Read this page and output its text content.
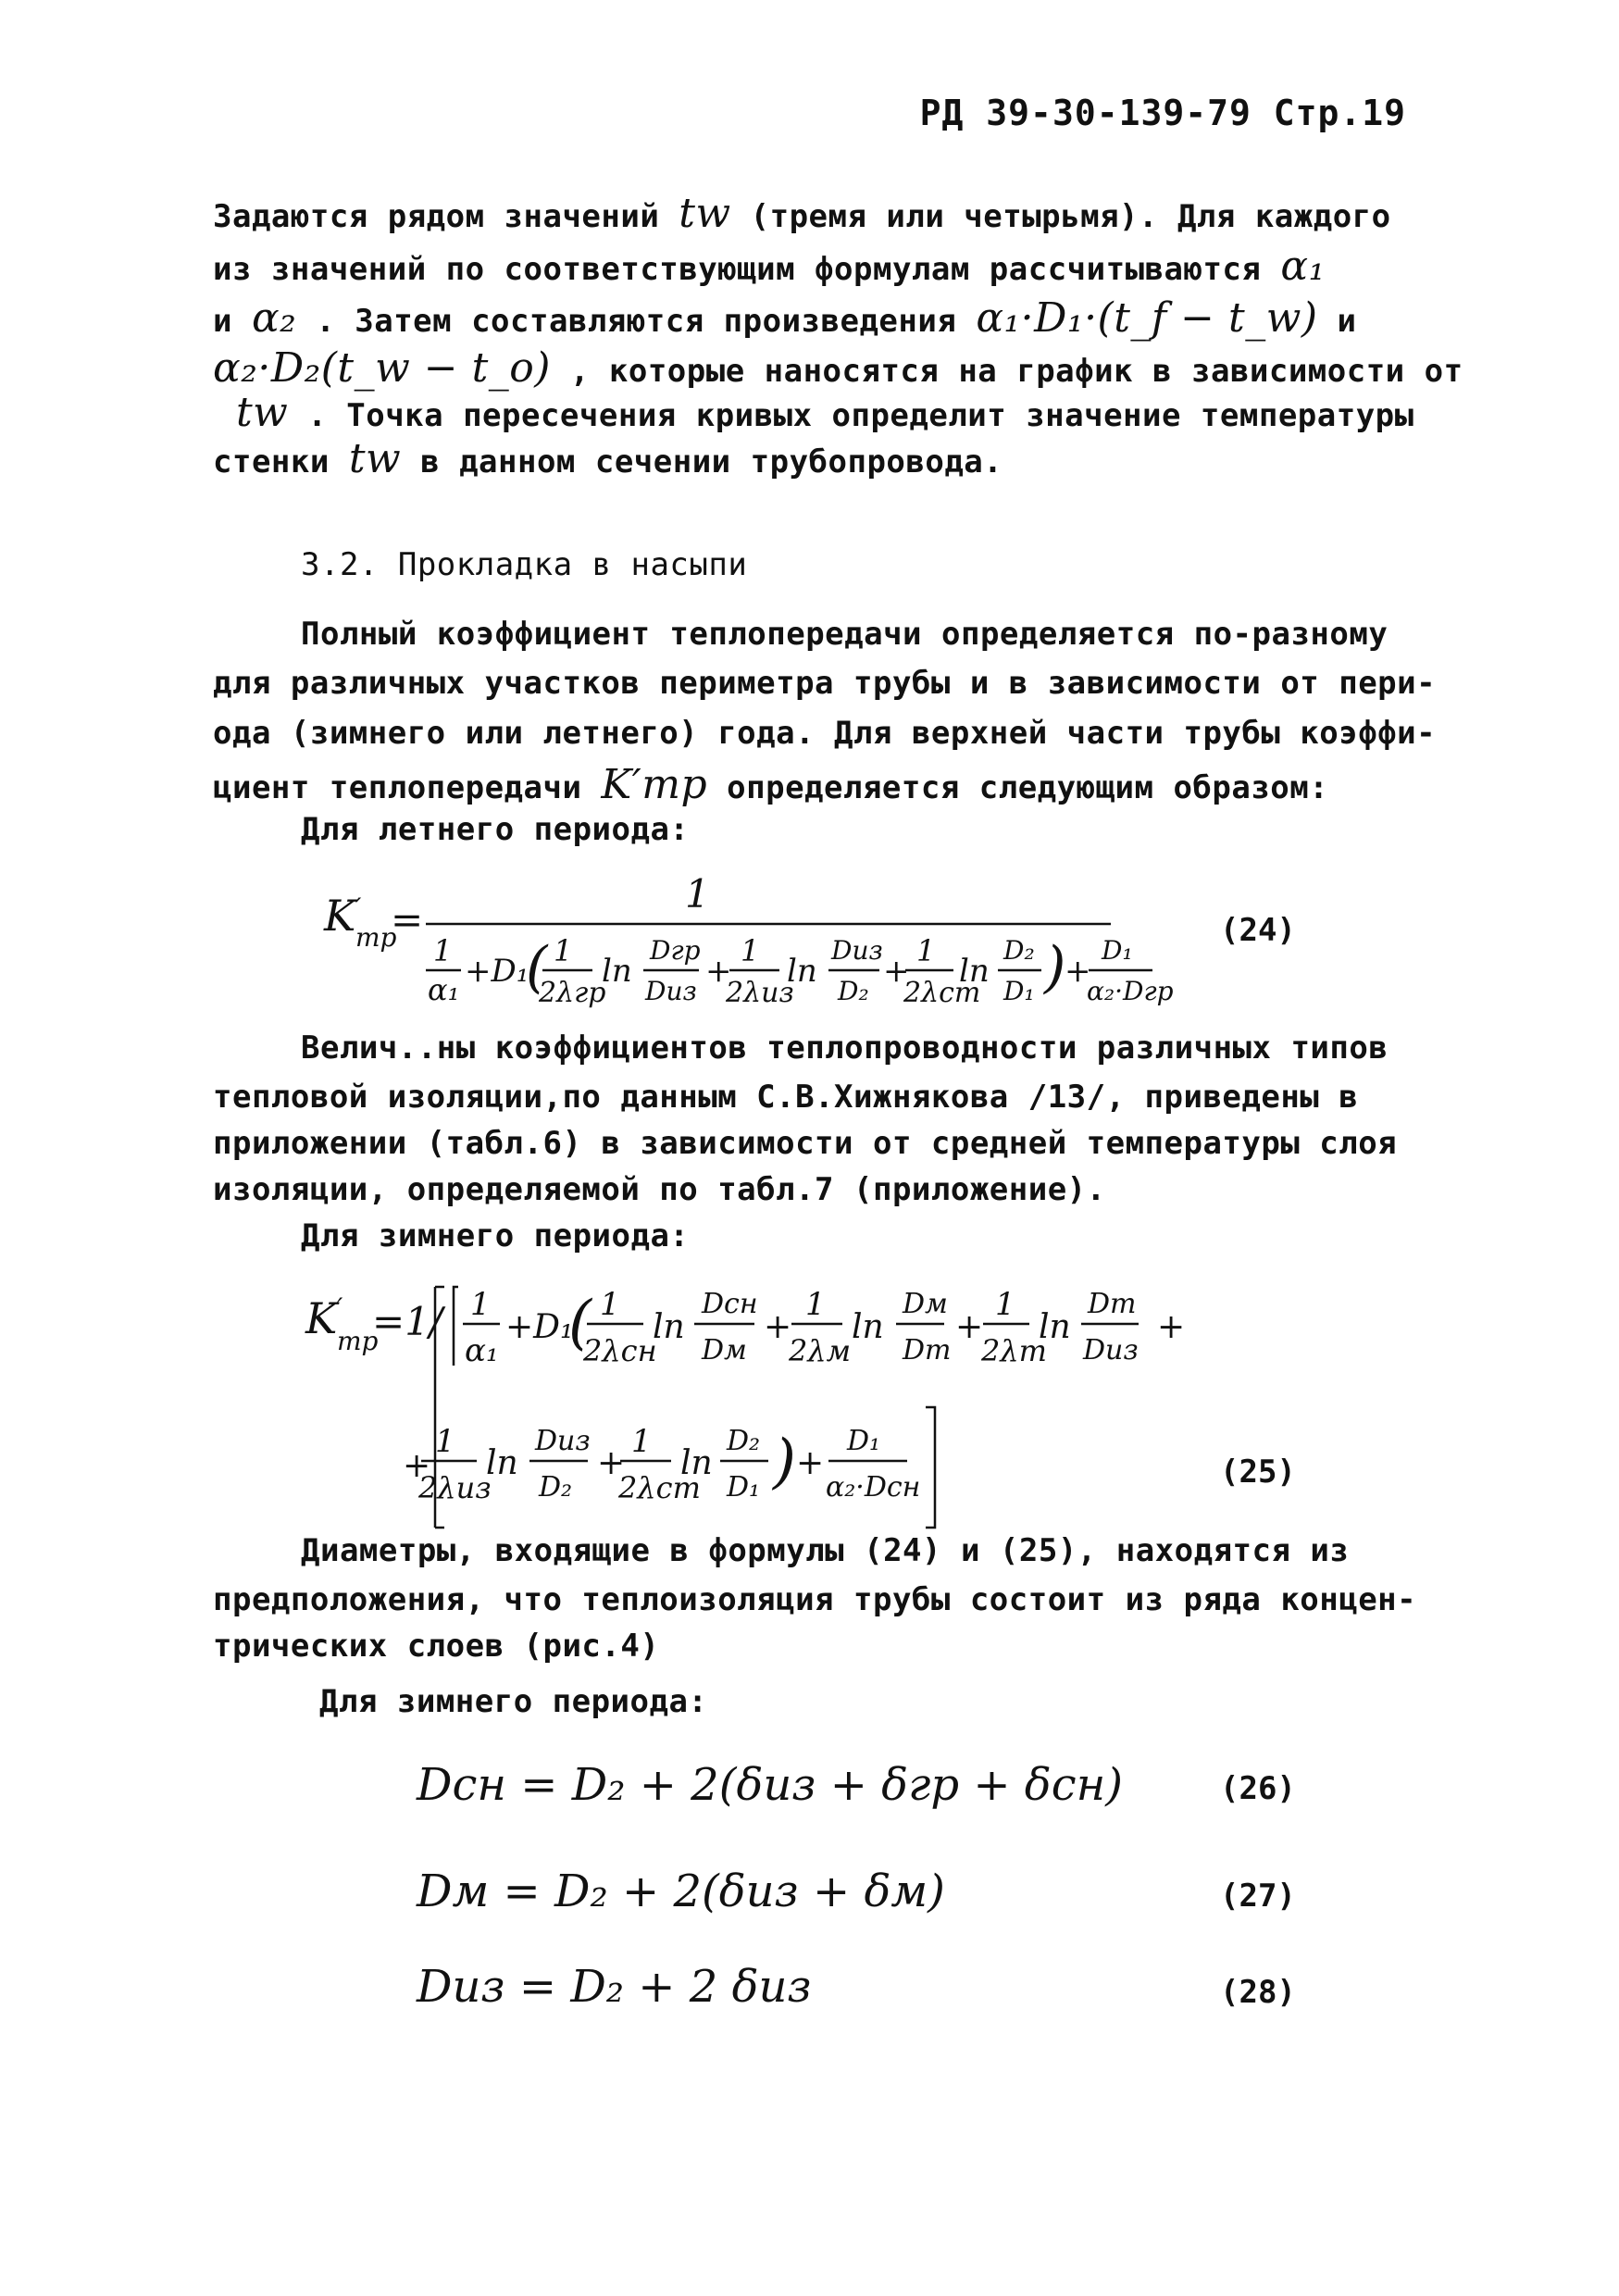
РД 39-30-139-79 Стр.19
Задаются рядом значений tw (тремя или четырьмя). Для каждого
из значений по соответствующим формулам рассчитываются α₁
и α₂ . Затем составляются произведения α₁·D₁·(t_f − t_w) и
α₂·D₂(t_w − t_o) , которые наносятся на график в зависимости от
tw . Точка пересечения кривых определит значение температуры
стенки tw в данном сечении трубопровода.
3.2. Прокладка в насыпи
Полный коэффициент теплопередачи определяется по-разному
для различных участков периметра трубы и в зависимости от пери-
ода (зимнего или летнего) года. Для верхней части трубы коэффи-
циент теплопередачи K′тр определяется следующим образом:
Для летнего периода:
K ′
тр
=
1
1
α₁ +D₁
( 1
2λгр
ln
Dгр
Dиз
+
1
2λиз
ln
Dиз
D₂
+
1
2λст
ln
D₂
D₁ )
+
D₁
α₂·Dгр
(24)
Велич..ны коэффициентов теплопроводности различных типов
тепловой изоляции,по данным С.В.Хижнякова /13/, приведены в
приложении (табл.6) в зависимости от средней температуры слоя
изоляции, определяемой по табл.7 (приложение).
Для зимнего периода:
K ′
тр
=1/ 1
α₁
+D₁
( 1
2λсн
ln
Dсн
Dм
+
1
2λм
ln
Dм
Dт
+
1
2λт
ln
Dт
Dиз
+
+
1
2λиз
ln
Dиз
D₂
+
1
2λст
ln
D₂
D₁ ) +
D₁
α₂·Dсн	(25)
Диаметры, входящие в формулы (24) и (25), находятся из
предположения, что теплоизоляция трубы состоит из ряда концен-
трических слоев (рис.4)
Для зимнего периода:
Dсн = D₂ + 2(δиз + δгр + δсн)	(26)
Dм = D₂ + 2(δиз + δм)	(27)
Dиз = D₂ + 2 δиз	(28)
